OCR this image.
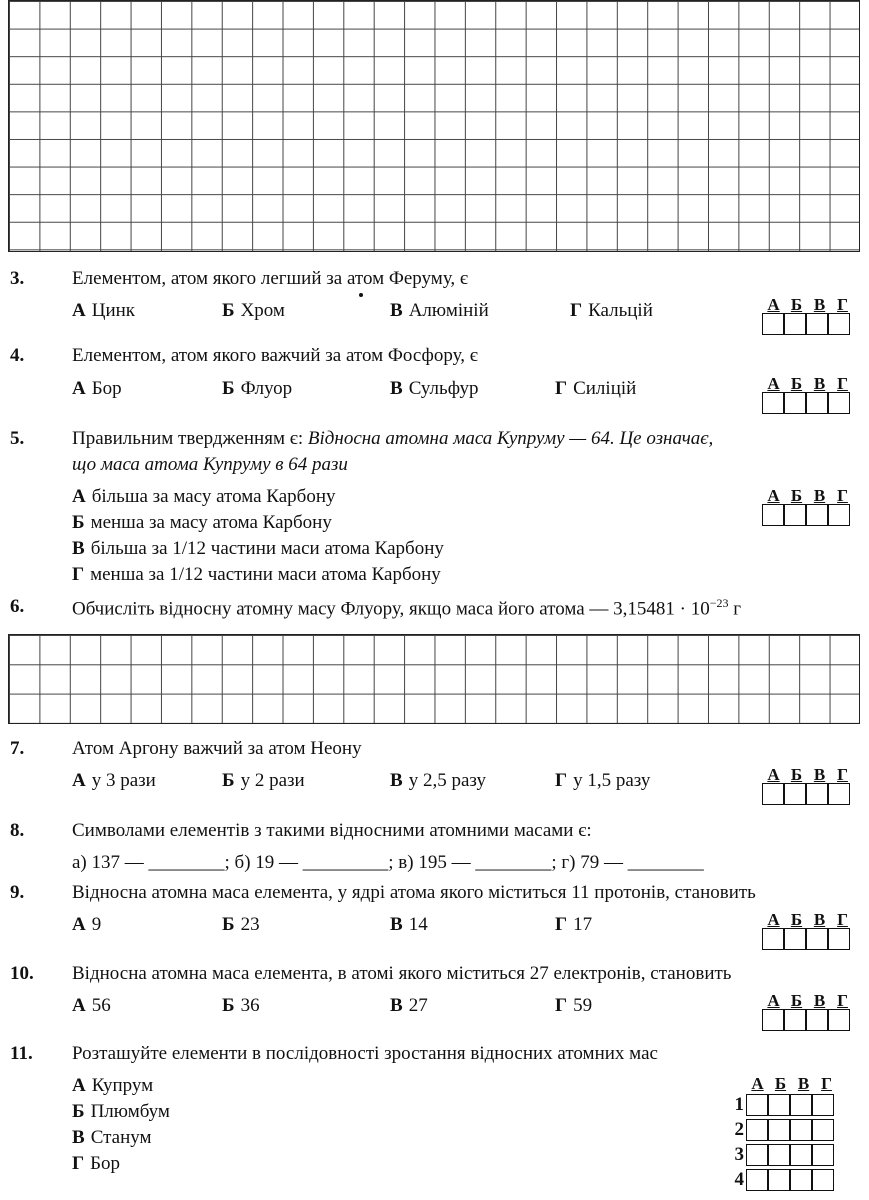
3.	Елементом, атом якого легший за атом Феруму, є
А Цинк	Б Хром	В Алюміній	Г Кальцій	А Б В Г
4.	Елементом, атом якого важчий за атом Фосфору, є
А Бор	Б Флуор	В Сульфур	Г Силіцій	А Б В Г
5.	Правильним твердженням є: Відносна атомна маса Купруму — 64. Це означає,
що маса атома Купруму в 64 рази
А більша за масу атома Карбону
Б менша за масу атома Карбону
В більша за 1/12 частини маси атома Карбону
Г менша за 1/12 частини маси атома Карбону
А Б В Г
6.	Обчисліть відносну атомну масу Флуору, якщо маса його атома — $3,15481 \cdot 10^{-23}$ г
7.	Атом Аргону важчий за атом Неону
А у 3 рази	Б у 2 рази	В у 2,5 разу	Г у 1,5 разу	А Б В Г
8.	Символами елементів з такими відносними атомними масами є:
а) 137 — ________; б) 19 — _________; в) 195 — ________; г) 79 — ________
9.	Відносна атомна маса елемента, у ядрі атома якого міститься 11 протонів, становить
А 9	Б 23	В 14	Г 17	А Б В Г
10. Відносна атомна маса елемента, в атомі якого міститься 27 електронів, становить
А 56	Б 36	В 27	Г 59	А Б В Г
11. Розташуйте елементи в послідовності зростання відносних атомних мас
А Купрум
Б Плюмбум
В Станум
Г Бор
А Б В Г
1
2
3
4
